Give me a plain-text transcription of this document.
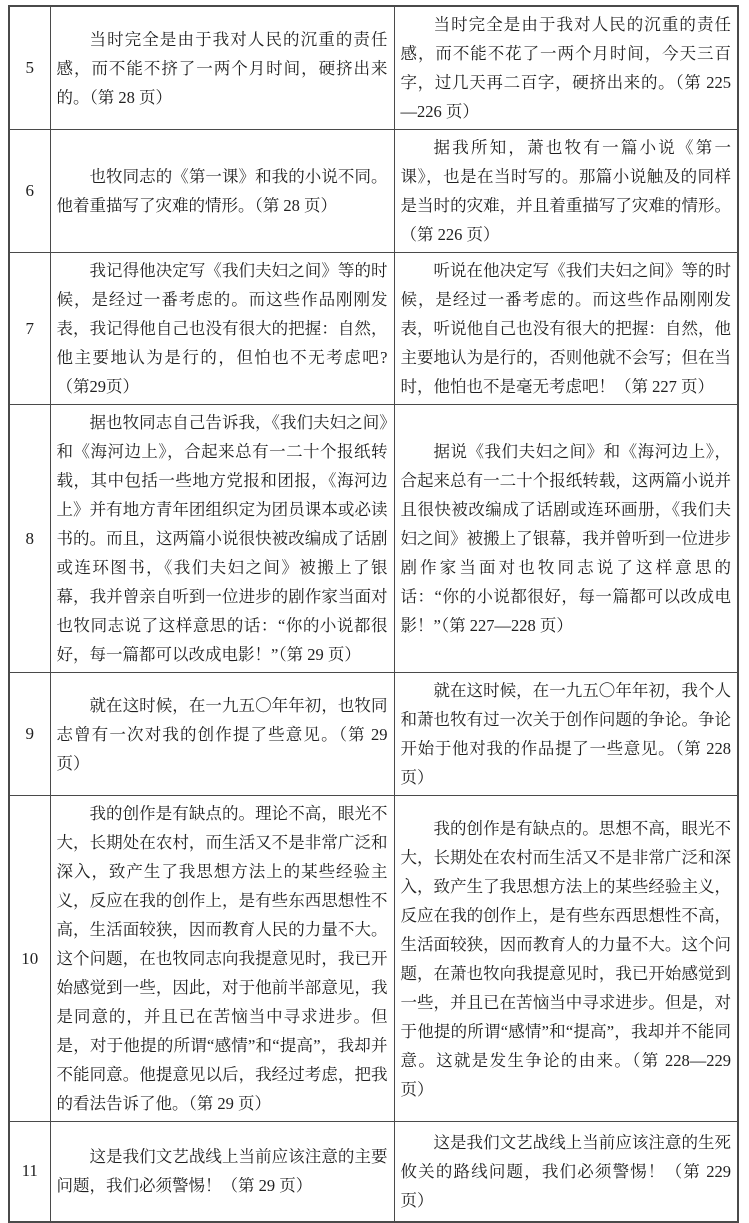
5	当时完全是由于我对人民的沉重的责任感，而不能不挤了一两个月时间，硬挤出来的。（第 28 页）	当时完全是由于我对人民的沉重的责任感，而不能不花了一两个月时间，今天三百字，过几天再二百字，硬挤出来的。（第 225—226 页）

6	也牧同志的《第一课》和我的小说不同。他着重描写了灾难的情形。（第 28 页）	据我所知，萧也牧有一篇小说《第一课》，也是在当时写的。那篇小说触及的同样是当时的灾难，并且着重描写了灾难的情形。（第 226 页）

7	我记得他决定写《我们夫妇之间》等的时候，是经过一番考虑的。而这些作品刚刚发表，我记得他自己也没有很大的把握：自然，他主要地认为是行的，但怕也不无考虑吧?（第29页）	听说在他决定写《我们夫妇之间》等的时候，是经过一番考虑的。而这些作品刚刚发表，听说他自己也没有很大的把握：自然，他主要地认为是行的，否则他就不会写；但在当时，他怕也不是毫无考虑吧！（第 227 页）

8	据也牧同志自己告诉我，《我们夫妇之间》和《海河边上》，合起来总有一二十个报纸转载，其中包括一些地方党报和团报，《海河边上》并有地方青年团组织定为团员课本或必读书的。而且，这两篇小说很快被改编成了话剧或连环图书，《我们夫妇之间》被搬上了银幕，我并曾亲自听到一位进步的剧作家当面对也牧同志说了这样意思的话：“你的小说都很好，每一篇都可以改成电影！”（第 29 页）	据说《我们夫妇之间》和《海河边上》，合起来总有一二十个报纸转载，这两篇小说并且很快被改编成了话剧或连环画册，《我们夫妇之间》被搬上了银幕，我并曾听到一位进步剧作家当面对也牧同志说了这样意思的话：“你的小说都很好，每一篇都可以改成电影！”（第 227—228 页）

9	就在这时候，在一九五〇年年初，也牧同志曾有一次对我的创作提了些意见。（第 29 页）	就在这时候，在一九五〇年年初，我个人和萧也牧有过一次关于创作问题的争论。争论开始于他对我的作品提了一些意见。（第 228 页）

10	我的创作是有缺点的。理论不高，眼光不大，长期处在农村，而生活又不是非常广泛和深入，致产生了我思想方法上的某些经验主义，反应在我的创作上，是有些东西思想性不高，生活面较狭，因而教育人民的力量不大。这个问题，在也牧同志向我提意见时，我已开始感觉到一些，因此，对于他前半部意见，我是同意的，并且已在苦恼当中寻求进步。但是，对于他提的所谓“感情”和“提高”，我却并不能同意。他提意见以后，我经过考虑，把我的看法告诉了他。（第 29 页）	我的创作是有缺点的。思想不高，眼光不大，长期处在农村而生活又不是非常广泛和深入，致产生了我思想方法上的某些经验主义，反应在我的创作上，是有些东西思想性不高，生活面较狭，因而教育人的力量不大。这个问题，在萧也牧向我提意见时，我已开始感觉到一些，并且已在苦恼当中寻求进步。但是，对于他提的所谓“感情”和“提高”，我却并不能同意。这就是发生争论的由来。（第 228—229 页）

11	这是我们文艺战线上当前应该注意的主要问题，我们必须警惕！（第 29 页）	这是我们文艺战线上当前应该注意的生死攸关的路线问题，我们必须警惕！（第 229 页）
